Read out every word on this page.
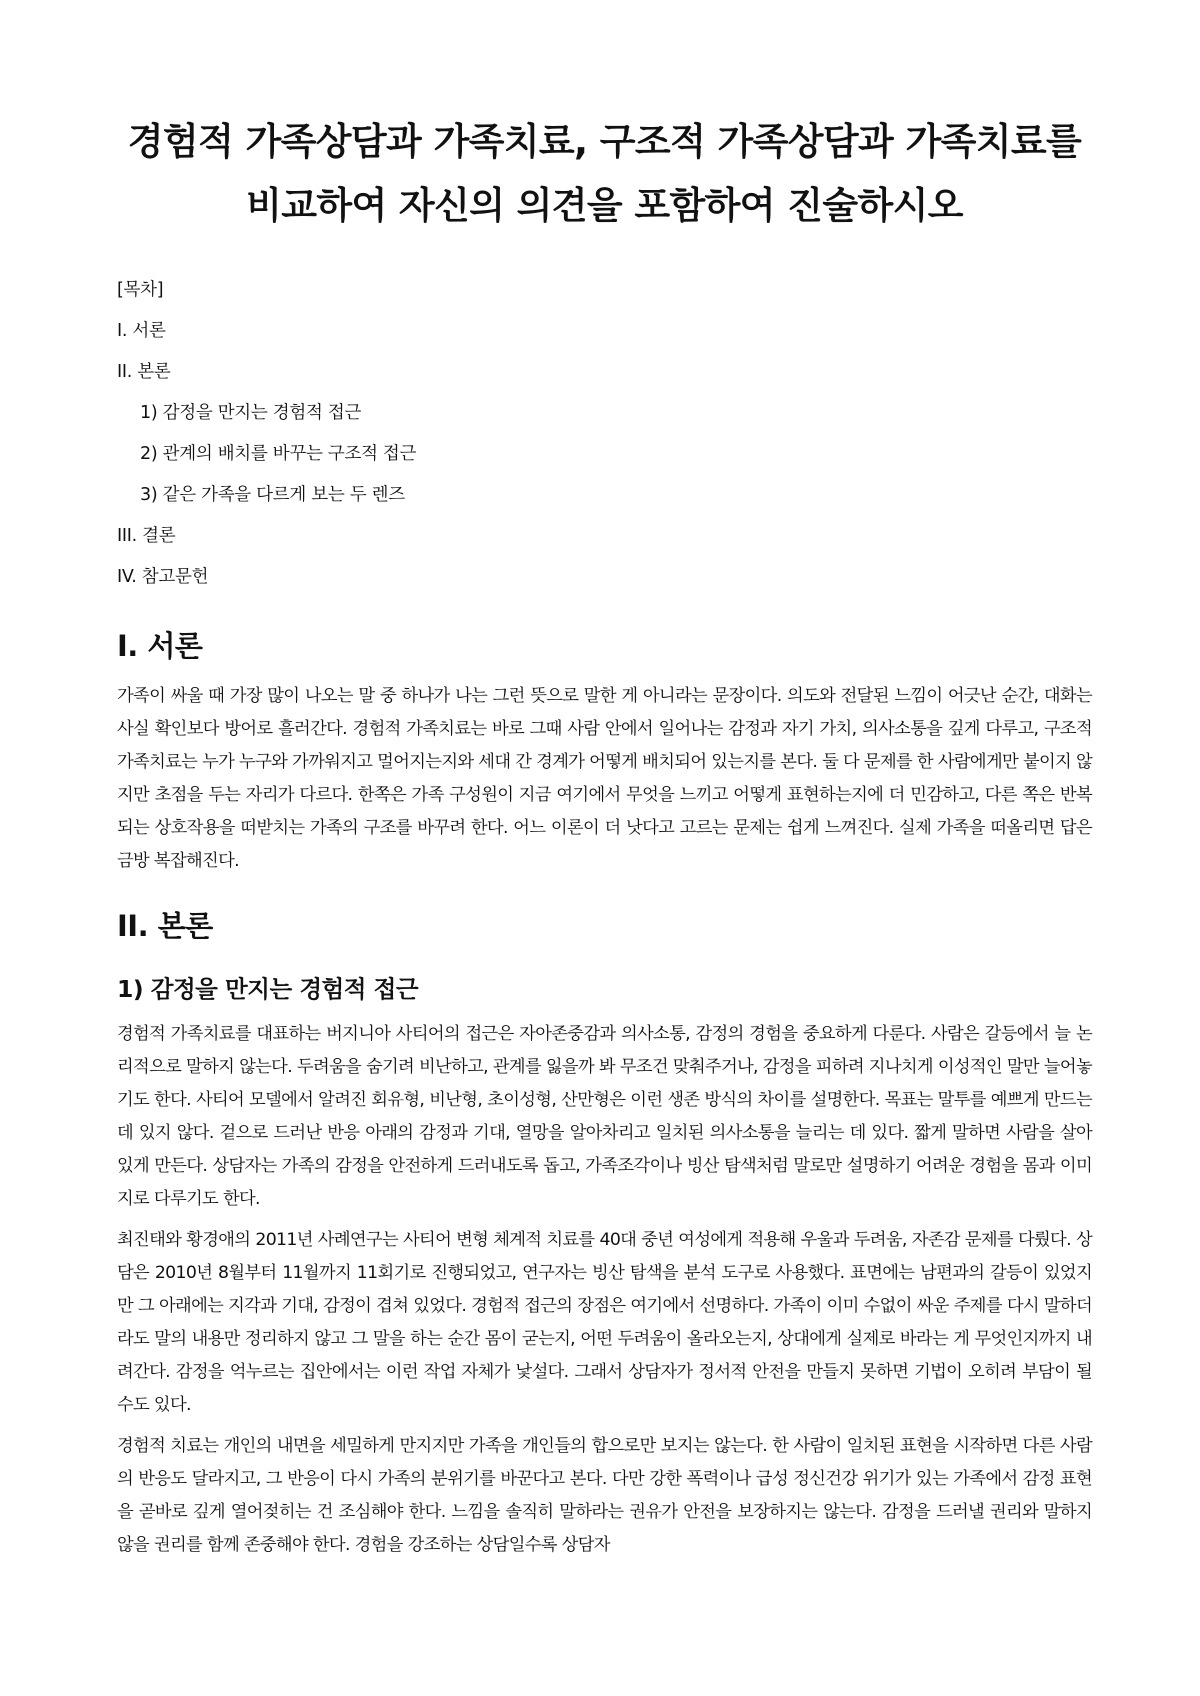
경험적 가족상담과 가족치료, 구조적 가족상담과 가족치료를
비교하여 자신의 의견을 포함하여 진술하시오
[목차]
I. 서론
II. 본론
1) 감정을 만지는 경험적 접근
2) 관계의 배치를 바꾸는 구조적 접근
3) 같은 가족을 다르게 보는 두 렌즈
III. 결론
IV. 참고문헌
I. 서론

가족이 싸울 때 가장 많이 나오는 말 중 하나가 나는 그런 뜻으로 말한 게 아니라는 문장이다. 의도와 전달된 느낌이 어긋난 순간, 대화는 사실 확인보다 방어로 흘러간다. 경험적 가족치료는 바로 그때 사람 안에서 일어나는 감정과 자기 가치, 의사소통을 깊게 다루고, 구조적 가족치료는 누가 누구와 가까워지고 멀어지는지와 세대 간 경계가 어떻게 배치되어 있는지를 본다. 둘 다 문제를 한 사람에게만 붙이지 않지만 초점을 두는 자리가 다르다. 한쪽은 가족 구성원이 지금 여기에서 무엇을 느끼고 어떻게 표현하는지에 더 민감하고, 다른 쪽은 반복되는 상호작용을 떠받치는 가족의 구조를 바꾸려 한다. 어느 이론이 더 낫다고 고르는 문제는 쉽게 느껴진다. 실제 가족을 떠올리면 답은 금방 복잡해진다.

II. 본론
1) 감정을 만지는 경험적 접근

경험적 가족치료를 대표하는 버지니아 사티어의 접근은 자아존중감과 의사소통, 감정의 경험을 중요하게 다룬다. 사람은 갈등에서 늘 논리적으로 말하지 않는다. 두려움을 숨기려 비난하고, 관계를 잃을까 봐 무조건 맞춰주거나, 감정을 피하려 지나치게 이성적인 말만 늘어놓기도 한다. 사티어 모델에서 알려진 회유형, 비난형, 초이성형, 산만형은 이런 생존 방식의 차이를 설명한다. 목표는 말투를 예쁘게 만드는 데 있지 않다. 겉으로 드러난 반응 아래의 감정과 기대, 열망을 알아차리고 일치된 의사소통을 늘리는 데 있다. 짧게 말하면 사람을 살아 있게 만든다. 상담자는 가족의 감정을 안전하게 드러내도록 돕고, 가족조각이나 빙산 탐색처럼 말로만 설명하기 어려운 경험을 몸과 이미지로 다루기도 한다.

최진태와 황경애의 2011년 사례연구는 사티어 변형 체계적 치료를 40대 중년 여성에게 적용해 우울과 두려움, 자존감 문제를 다뤘다. 상담은 2010년 8월부터 11월까지 11회기로 진행되었고, 연구자는 빙산 탐색을 분석 도구로 사용했다. 표면에는 남편과의 갈등이 있었지만 그 아래에는 지각과 기대, 감정이 겹쳐 있었다. 경험적 접근의 장점은 여기에서 선명하다. 가족이 이미 수없이 싸운 주제를 다시 말하더라도 말의 내용만 정리하지 않고 그 말을 하는 순간 몸이 굳는지, 어떤 두려움이 올라오는지, 상대에게 실제로 바라는 게 무엇인지까지 내려간다. 감정을 억누르는 집안에서는 이런 작업 자체가 낯설다. 그래서 상담자가 정서적 안전을 만들지 못하면 기법이 오히려 부담이 될 수도 있다.

경험적 치료는 개인의 내면을 세밀하게 만지지만 가족을 개인들의 합으로만 보지는 않는다. 한 사람이 일치된 표현을 시작하면 다른 사람의 반응도 달라지고, 그 반응이 다시 가족의 분위기를 바꾼다고 본다. 다만 강한 폭력이나 급성 정신건강 위기가 있는 가족에서 감정 표현을 곧바로 깊게 열어젖히는 건 조심해야 한다. 느낌을 솔직히 말하라는 권유가 안전을 보장하지는 않는다. 감정을 드러낼 권리와 말하지 않을 권리를 함께 존중해야 한다. 경험을 강조하는 상담일수록 상담자
